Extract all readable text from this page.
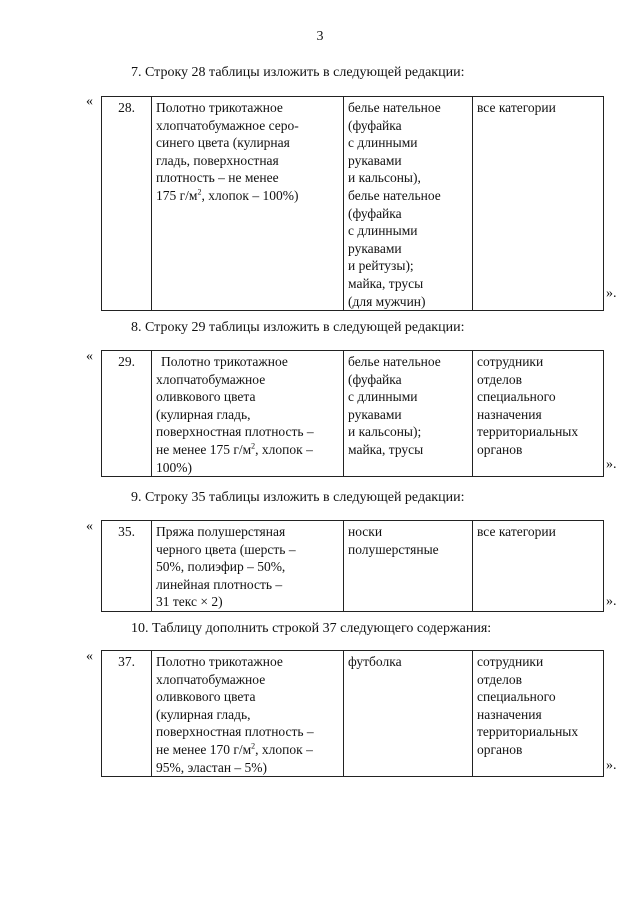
3
7. Строку 28 таблицы изложить в следующей редакции:
« 28.	Полотно трикотажное
хлопчатобумажное серо-
синего цвета (кулирная
гладь, поверхностная
плотность – не менее
175 $г/м^2$, хлопок – 100%)

белье нательное
(фуфайка
с длинными
рукавами
и кальсоны),
белье нательное
(фуфайка
с длинными
рукавами
и рейтузы);
майка, трусы
(для мужчин)

все категории
».
8. Строку 29 таблицы изложить в следующей редакции:
« 29.	Полотно трикотажное
хлопчатобумажное
оливкового цвета
(кулирная гладь,
поверхностная плотность –
не менее 175 $г/м^2$, хлопок –
100%)

белье нательное
(фуфайка
с длинными
рукавами
и кальсоны);
майка, трусы

сотрудники
отделов
специального
назначения
территориальных
органов
».
9. Строку 35 таблицы изложить в следующей редакции:
« 35.	Пряжа полушерстяная
черного цвета (шерсть –
50%, полиэфир – 50%,
линейная плотность –
31 текс × 2)

носки
полушерстяные

все категории
».
10. Таблицу дополнить строкой 37 следующего содержания:
« 37.	Полотно трикотажное
хлопчатобумажное
оливкового цвета
(кулирная гладь,
поверхностная плотность –
не менее 170 $г/м^2$, хлопок –
95%, эластан – 5%)

футболка	сотрудники
отделов
специального
назначения
территориальных
органов
».
